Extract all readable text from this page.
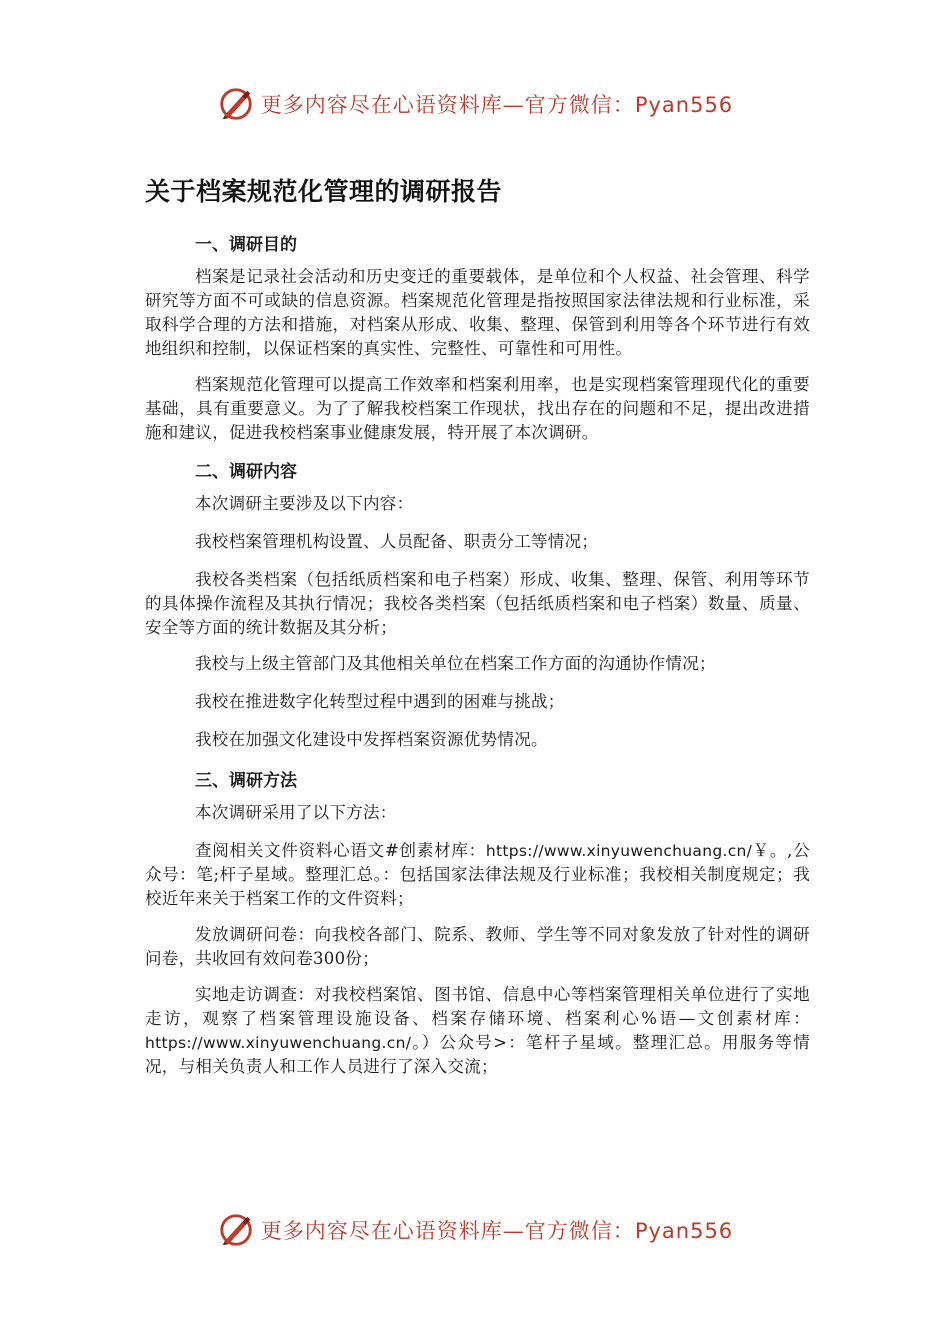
更多内容尽在心语资料库—官方微信：Pyan556
关于档案规范化管理的调研报告
一、调研目的

档案是记录社会活动和历史变迁的重要载体，是单位和个人权益、社会管理、科学研究等方面不可或缺的信息资源。档案规范化管理是指按照国家法律法规和行业标准，采取科学合理的方法和措施，对档案从形成、收集、整理、保管到利用等各个环节进行有效地组织和控制，以保证档案的真实性、完整性、可靠性和可用性。

档案规范化管理可以提高工作效率和档案利用率，也是实现档案管理现代化的重要基础，具有重要意义。为了了解我校档案工作现状，找出存在的问题和不足，提出改进措施和建议，促进我校档案事业健康发展，特开展了本次调研。

二、调研内容

本次调研主要涉及以下内容：

我校档案管理机构设置、人员配备、职责分工等情况；

我校各类档案（包括纸质档案和电子档案）形成、收集、整理、保管、利用等环节的具体操作流程及其执行情况；我校各类档案（包括纸质档案和电子档案）数量、质量、安全等方面的统计数据及其分析；

我校与上级主管部门及其他相关单位在档案工作方面的沟通协作情况；

我校在推进数字化转型过程中遇到的困难与挑战；

我校在加强文化建设中发挥档案资源优势情况。

三、调研方法

本次调研采用了以下方法：

查阅相关文件资料心语文#创素材库：https://www.xinyuwenchuang.cn/￥。,公众号：笔;杆子星域。整理汇总。：包括国家法律法规及行业标准；我校相关制度规定；我校近年来关于档案工作的文件资料；

发放调研问卷：向我校各部门、院系、教师、学生等不同对象发放了针对性的调研问卷，共收回有效问卷300份；

实地走访调查：对我校档案馆、图书馆、信息中心等档案管理相关单位进行了实地走访，观察了档案管理设施设备、档案存储环境、档案利心%语—文创素材库：https://www.xinyuwenchuang.cn/。）公众号>：笔杆子星域。整理汇总。用服务等情况，与相关负责人和工作人员进行了深入交流；

更多内容尽在心语资料库—官方微信：Pyan556
